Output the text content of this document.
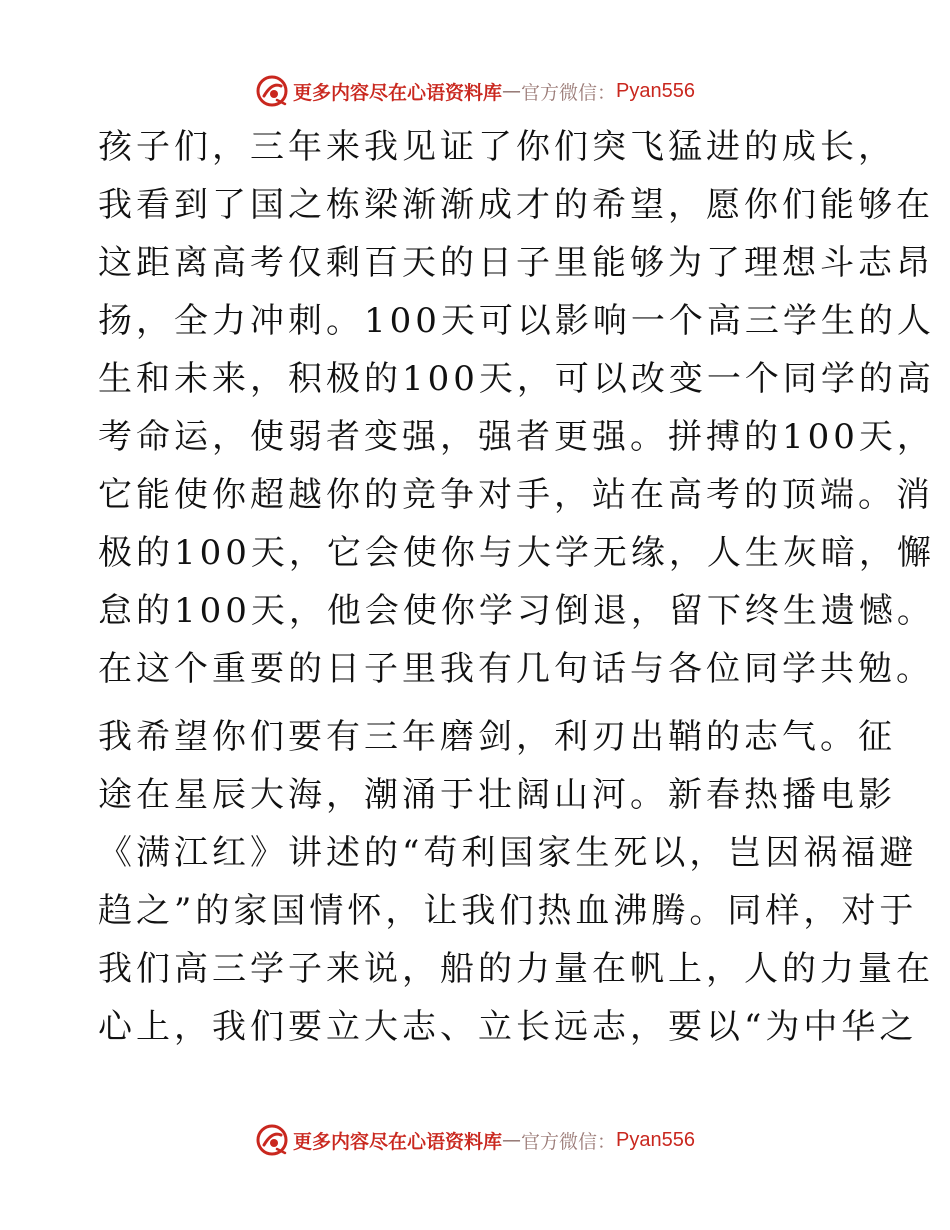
更多内容尽在心语资料库 — 官方微信： Pyan556
孩子们，三年来我见证了你们突飞猛进的成长，
我看到了国之栋梁渐渐成才的希望，愿你们能够在
这距离高考仅剩百天的日子里能够为了理想斗志昂
扬，全力冲刺。100天可以影响一个高三学生的人
生和未来，积极的100天，可以改变一个同学的高
考命运，使弱者变强，强者更强。拼搏的100天，
它能使你超越你的竞争对手，站在高考的顶端。消
极的100天，它会使你与大学无缘，人生灰暗，懈
怠的100天，他会使你学习倒退，留下终生遗憾。
在这个重要的日子里我有几句话与各位同学共勉。
我希望你们要有三年磨剑，利刃出鞘的志气。征
途在星辰大海，潮涌于壮阔山河。新春热播电影
《满江红》讲述的“苟利国家生死以，岂因祸福避
趋之”的家国情怀，让我们热血沸腾。同样，对于
我们高三学子来说，船的力量在帆上，人的力量在
心上，我们要立大志、立长远志，要以“为中华之
更多内容尽在心语资料库 — 官方微信： Pyan556
